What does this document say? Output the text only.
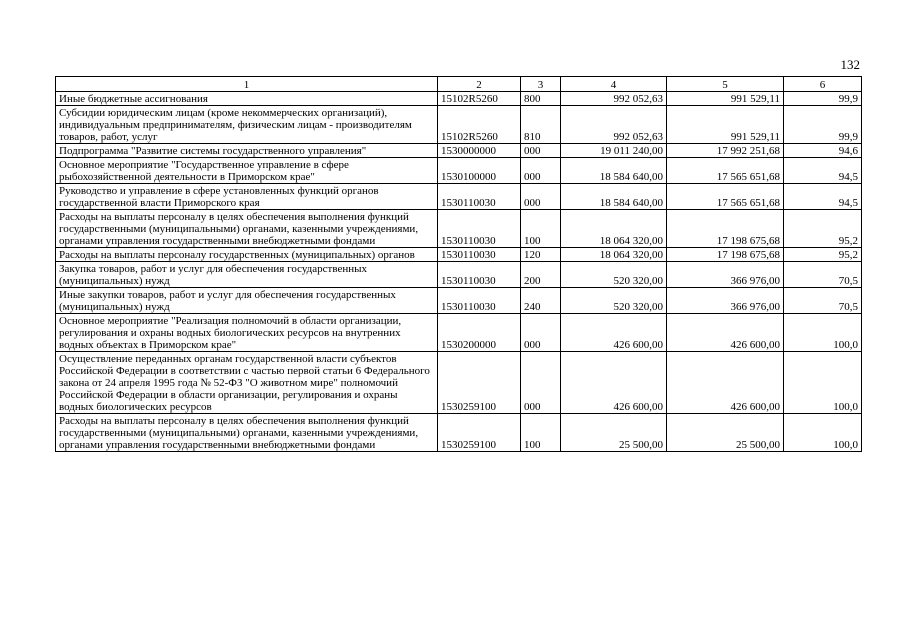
132
1	2	3	4	5	6
Иные бюджетные ассигнования	15102R5260	800	992 052,63	991 529,11	99,9
Субсидии юридическим лицам (кроме некоммерческих организаций), индивидуальным предпринимателям, физическим лицам - производителям товаров, работ, услуг	15102R5260	810	992 052,63	991 529,11	99,9
Подпрограмма "Развитие системы государственного управления"	1530000000	000	19 011 240,00	17 992 251,68	94,6
Основное мероприятие "Государственное управление в сфере рыбохозяйственной деятельности в Приморском крае"	1530100000	000	18 584 640,00	17 565 651,68	94,5
Руководство и управление в сфере установленных функций органов государственной власти Приморского края	1530110030	000	18 584 640,00	17 565 651,68	94,5
Расходы на выплаты персоналу в целях обеспечения выполнения функций государственными (муниципальными) органами, казенными учреждениями, органами управления государственными внебюджетными фондами	1530110030	100	18 064 320,00	17 198 675,68	95,2
Расходы на выплаты персоналу государственных (муниципальных) органов	1530110030	120	18 064 320,00	17 198 675,68	95,2
Закупка товаров, работ и услуг для обеспечения государственных (муниципальных) нужд	1530110030	200	520 320,00	366 976,00	70,5
Иные закупки товаров, работ и услуг для обеспечения государственных (муниципальных) нужд	1530110030	240	520 320,00	366 976,00	70,5
Основное мероприятие "Реализация полномочий в области организации, регулирования и охраны водных биологических ресурсов на внутренних водных объектах в Приморском крае"	1530200000	000	426 600,00	426 600,00	100,0
Осуществление переданных органам государственной власти субъектов Российской Федерации в соответствии с частью первой статьи 6 Федерального закона от 24 апреля 1995 года № 52-ФЗ "О животном мире" полномочий Российской Федерации в области организации, регулирования и охраны водных биологических ресурсов	1530259100	000	426 600,00	426 600,00	100,0
Расходы на выплаты персоналу в целях обеспечения выполнения функций государственными (муниципальными) органами, казенными учреждениями, органами управления государственными внебюджетными фондами	1530259100	100	25 500,00	25 500,00	100,0
